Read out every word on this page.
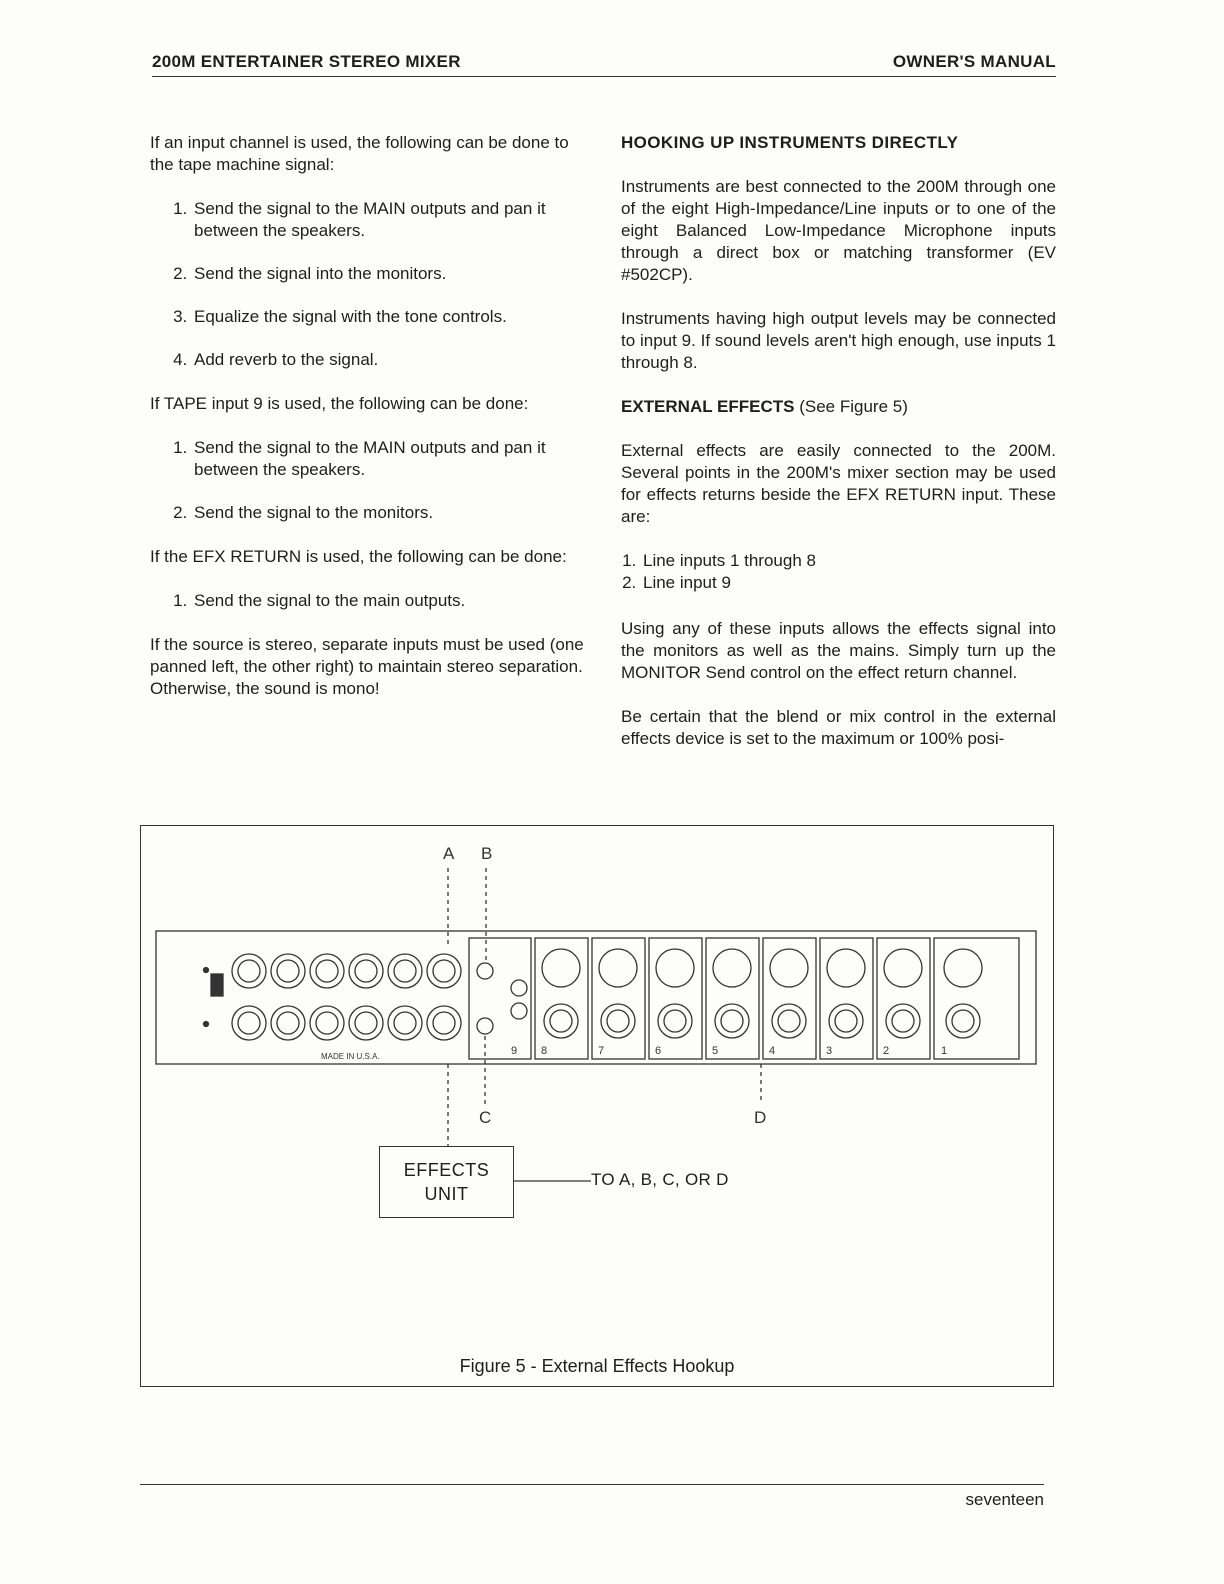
200M ENTERTAINER STEREO MIXER	OWNER'S MANUAL

If an input channel is used, the following can be done to the tape machine signal:

1. Send the signal to the MAIN outputs and pan it between the speakers.
2. Send the signal into the monitors.
3. Equalize the signal with the tone controls.
4. Add reverb to the signal.

If TAPE input 9 is used, the following can be done:

1. Send the signal to the MAIN outputs and pan it between the speakers.
2. Send the signal to the monitors.

If the EFX RETURN is used, the following can be done:

1. Send the signal to the main outputs.

If the source is stereo, separate inputs must be used (one panned left, the other right) to maintain stereo separation. Otherwise, the sound is mono!

HOOKING UP INSTRUMENTS DIRECTLY

Instruments are best connected to the 200M through one of the eight High-Impedance/Line inputs or to one of the eight Balanced Low-Impedance Microphone inputs through a direct box or matching transformer (EV #502CP).

Instruments having high output levels may be connected to input 9. If sound levels aren't high enough, use inputs 1 through 8.

EXTERNAL EFFECTS (See Figure 5)

External effects are easily connected to the 200M. Several points in the 200M's mixer section may be used for effects returns beside the EFX RETURN input. These are:

1. Line inputs 1 through 8
2. Line input 9

Using any of these inputs allows the effects signal into the monitors as well as the mains. Simply turn up the MONITOR Send control on the effect return channel.

Be certain that the blend or mix control in the external effects device is set to the maximum or 100% posi-

9 8	7	6	5	4	3	2	1
MADE IN U.S.A.
A B
C	D
EFFECTS
UNIT
TO A, B, C, OR D
Figure 5 - External Effects Hookup
seventeen
